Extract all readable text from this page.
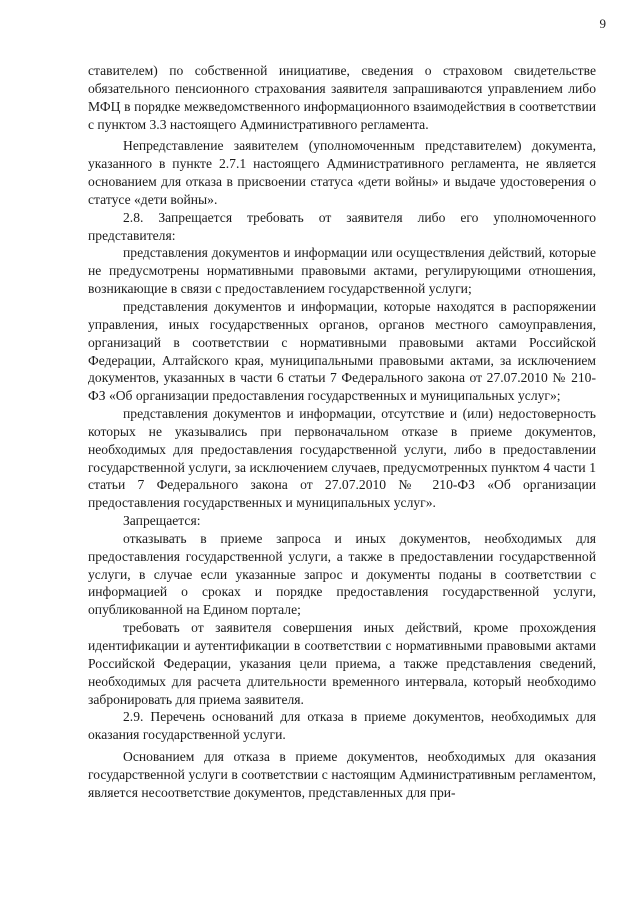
9

ставителем) по собственной инициативе, сведения о страховом свидетельстве обязательного пенсионного страхования заявителя запрашиваются управлением либо МФЦ в порядке межведомственного информационного взаимодействия в соответствии с пунктом 3.3 настоящего Административного регламента.

Непредставление заявителем (уполномоченным представителем) документа, указанного в пункте 2.7.1 настоящего Административного регламента, не является основанием для отказа в присвоении статуса «дети войны» и выдаче удостоверения о статусе «дети войны».

2.8. Запрещается требовать от заявителя либо его уполномоченного представителя:

представления документов и информации или осуществления действий, которые не предусмотрены нормативными правовыми актами, регулирующими отношения, возникающие в связи с предоставлением государственной услуги;

представления документов и информации, которые находятся в распоряжении управления, иных государственных органов, органов местного самоуправления, организаций в соответствии с нормативными правовыми актами Российской Федерации, Алтайского края, муниципальными правовыми актами, за исключением документов, указанных в части 6 статьи 7 Федерального закона от 27.07.2010 № 210-ФЗ «Об организации предоставления государственных и муниципальных услуг»;

представления документов и информации, отсутствие и (или) недостоверность которых не указывались при первоначальном отказе в приеме документов, необходимых для предоставления государственной услуги, либо в предоставлении государственной услуги, за исключением случаев, предусмотренных пунктом 4 части 1 статьи 7 Федерального закона от 27.07.2010 № 210-ФЗ «Об организации предоставления государственных и муниципальных услуг».

Запрещается:

отказывать в приеме запроса и иных документов, необходимых для предоставления государственной услуги, а также в предоставлении государственной услуги, в случае если указанные запрос и документы поданы в соответствии с информацией о сроках и порядке предоставления государственной услуги, опубликованной на Едином портале;

требовать от заявителя совершения иных действий, кроме прохождения идентификации и аутентификации в соответствии с нормативными правовыми актами Российской Федерации, указания цели приема, а также представления сведений, необходимых для расчета длительности временного интервала, который необходимо забронировать для приема заявителя.

2.9. Перечень оснований для отказа в приеме документов, необходимых для оказания государственной услуги.

Основанием для отказа в приеме документов, необходимых для оказания государственной услуги в соответствии с настоящим Административным регламентом, является несоответствие документов, представленных для при-
